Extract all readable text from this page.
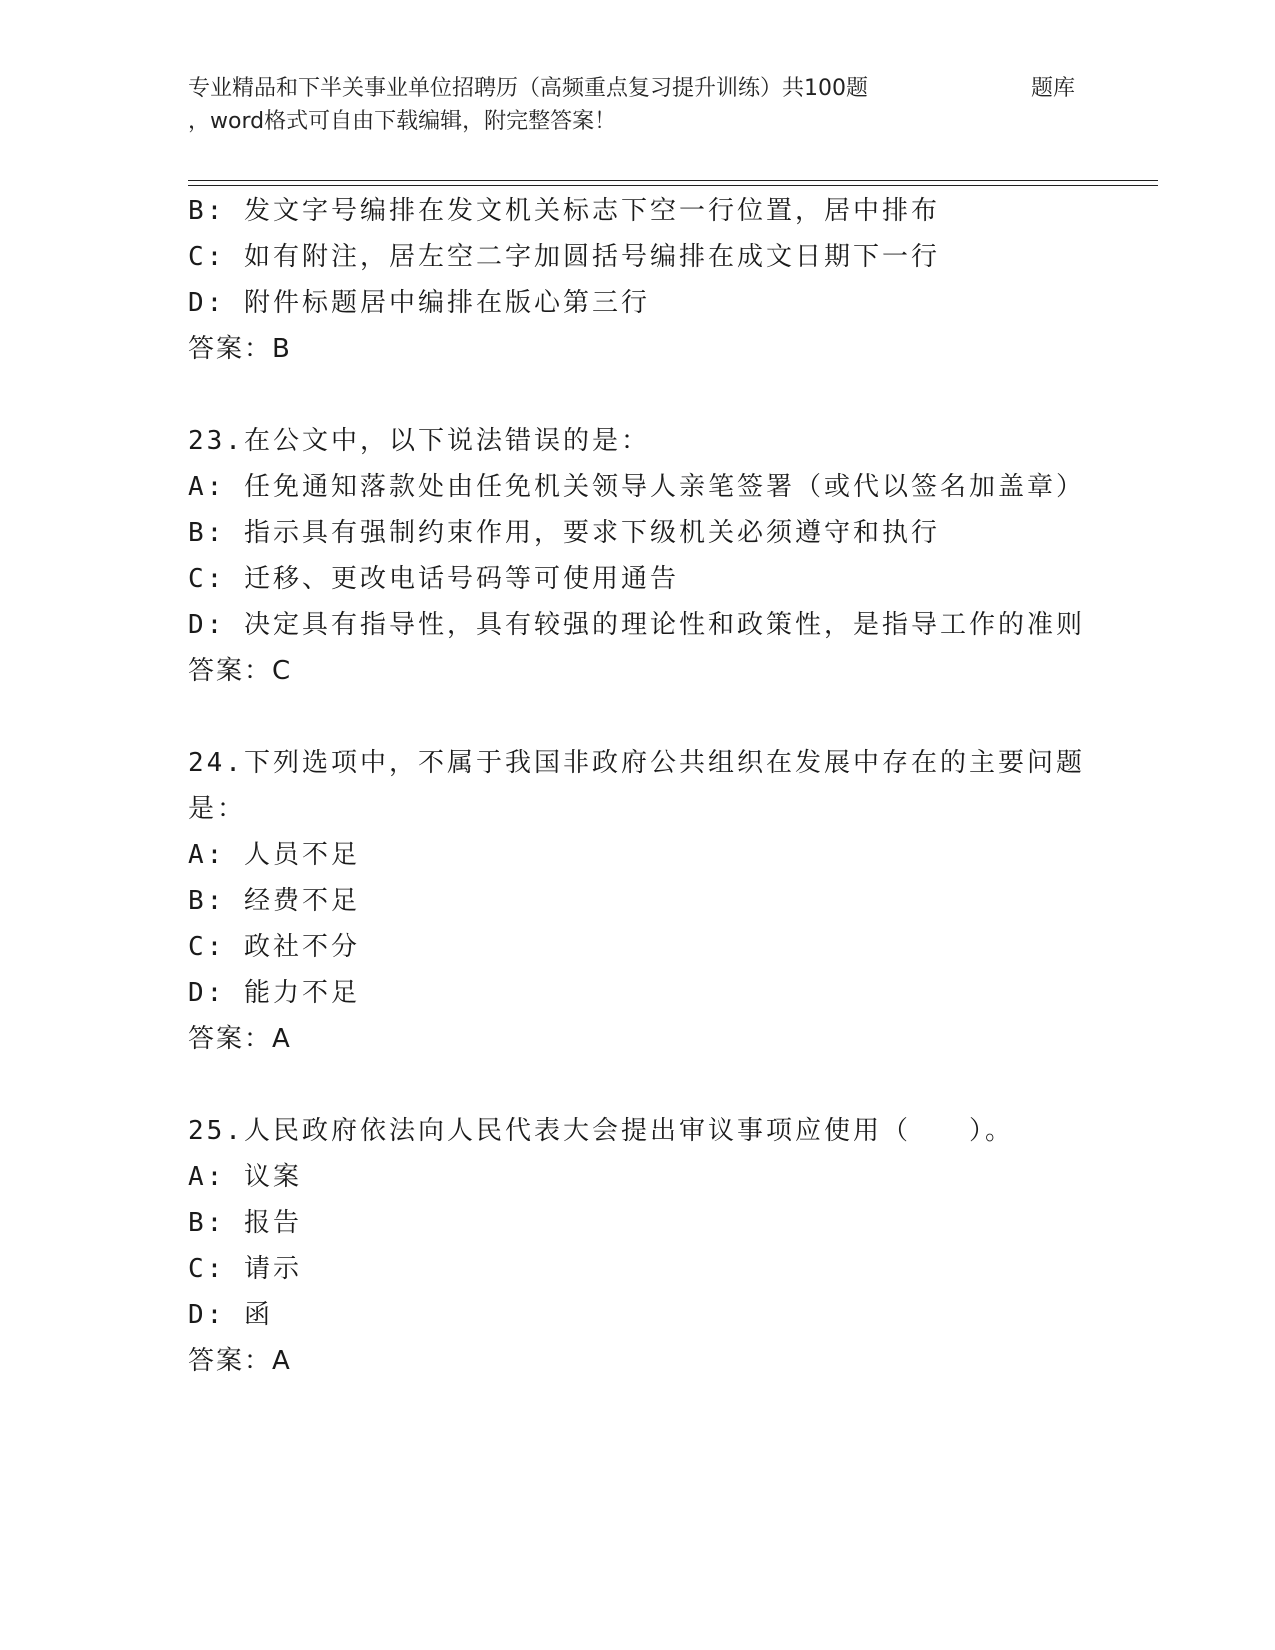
专业精品和下半关事业单位招聘历（高频重点复习提升训练）共100题	题库
，word格式可自由下载编辑，附完整答案！
B: 发文字号编排在发文机关标志下空一行位置，居中排布
C: 如有附注，居左空二字加圆括号编排在成文日期下一行
D: 附件标题居中编排在版心第三行
答案：B
23.在公文中，以下说法错误的是：
A: 任免通知落款处由任免机关领导人亲笔签署（或代以签名加盖章）
B: 指示具有强制约束作用，要求下级机关必须遵守和执行
C: 迁移、更改电话号码等可使用通告
D: 决定具有指导性，具有较强的理论性和政策性，是指导工作的准则
答案：C
24.下列选项中，不属于我国非政府公共组织在发展中存在的主要问题
是：
A: 人员不足
B: 经费不足
C: 政社不分
D: 能力不足
答案：A
25.人民政府依法向人民代表大会提出审议事项应使用（　　）。
A: 议案
B: 报告
C: 请示
D: 函
答案：A
